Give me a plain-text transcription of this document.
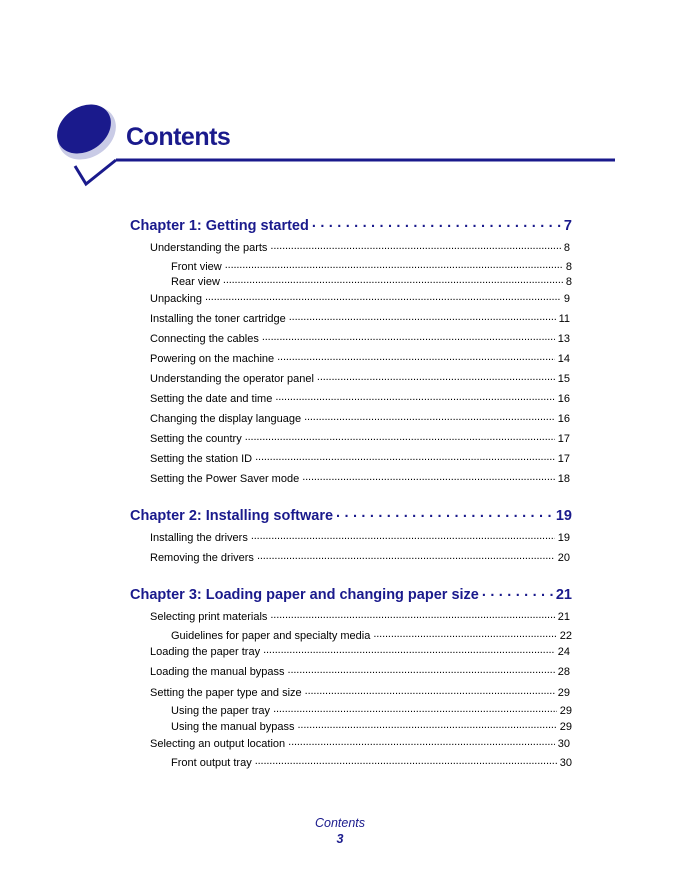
Contents
Chapter 1: Getting started . . .	7
Understanding the parts . . .	8
Front view . . .	8
Rear view . . .	8
Unpacking . . .	9
Installing the toner cartridge . . .	11
Connecting the cables . . .	13
Powering on the machine . . .	14
Understanding the operator panel . . .	15
Setting the date and time . . .	16
Changing the display language . . .	16
Setting the country . . .	17
Setting the station ID . . .	17
Setting the Power Saver mode . . .	18
Chapter 2: Installing software . . .	19
Installing the drivers . . .	19
Removing the drivers . . .	20
Chapter 3: Loading paper and changing paper size . . .	21
Selecting print materials . . .	21
Guidelines for paper and specialty media . . .	22
Loading the paper tray . . .	24
Loading the manual bypass . . .	28
Setting the paper type and size . . .	29
Using the paper tray . . .	29
Using the manual bypass . . .	29
Selecting an output location . . .	30
Front output tray . . .	30
Contents
3
